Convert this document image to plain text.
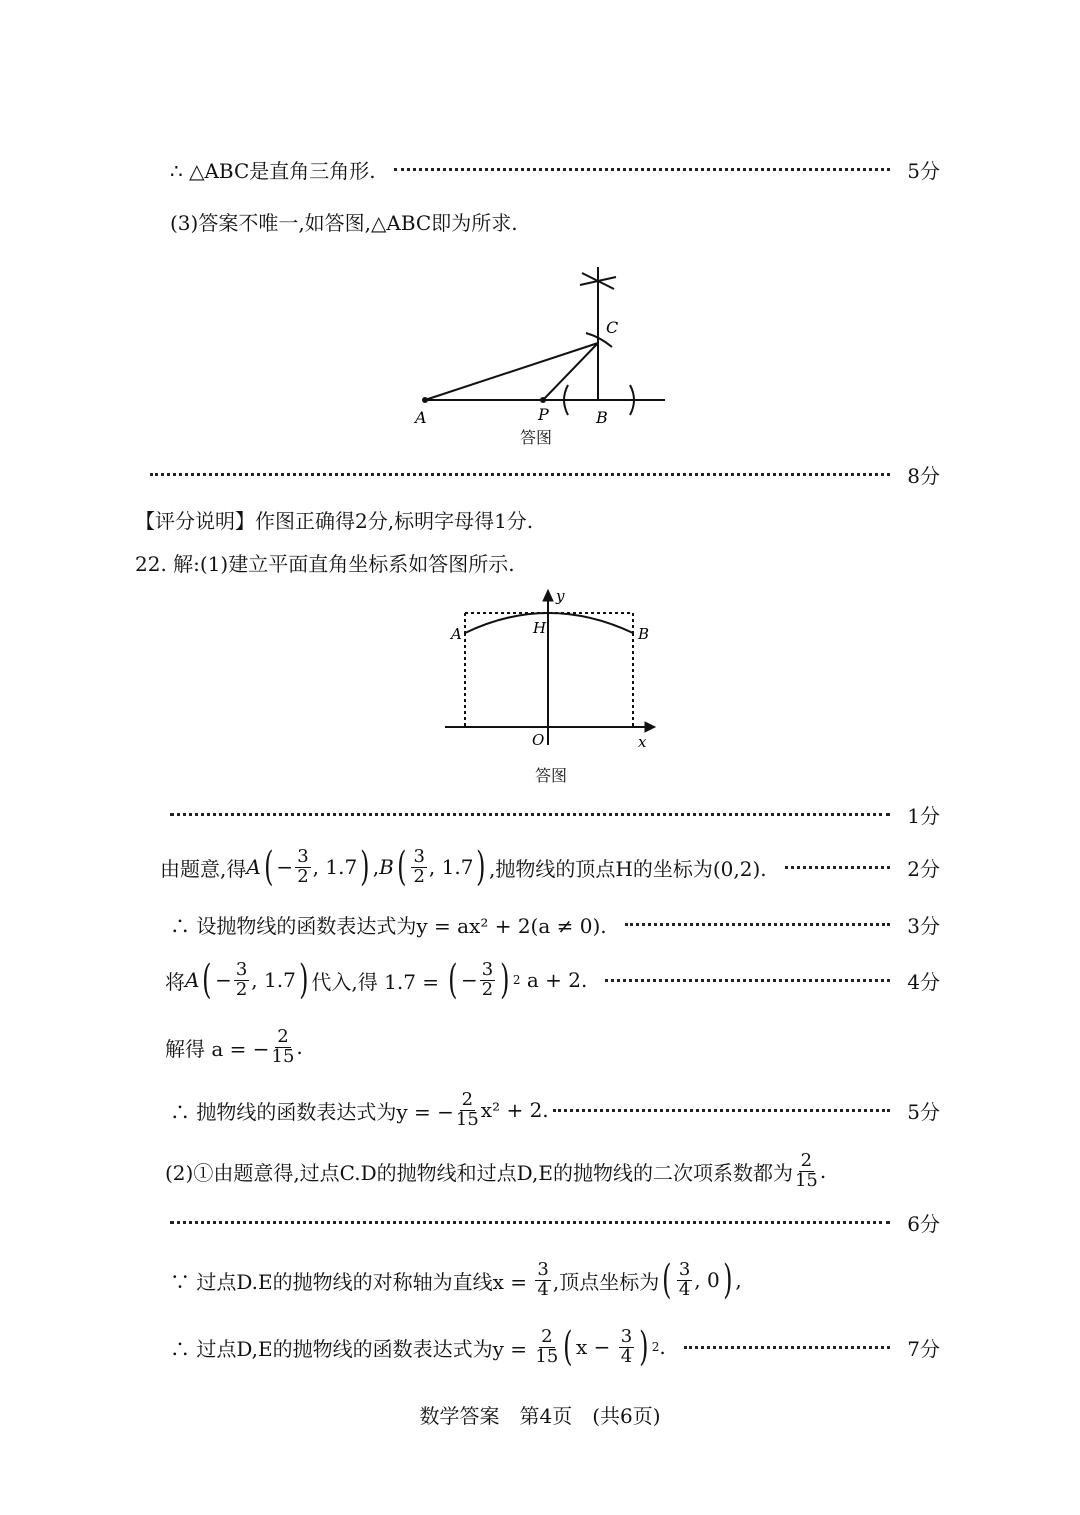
∴ △ABC是直角三角形.	5分
(3)答案不唯一,如答图,△ABC即为所求.
A	P	B
C
答图
8分
【评分说明】作图正确得2分,标明字母得1分.
22. 解:(1)建立平面直角坐标系如答图所示.
y
H
A	B
O	x
答图
1分
由题意,得 A ( − $\frac{3}{2}$ , 1.7 ) , B ( $\frac{3}{2}$ , 1.7 ) ,抛物线的顶点H的坐标为(0,2).	2分
∴ 设抛物线的函数表达式为y = ax² + 2(a ≠ 0).	3分
将 A ( − $\frac{3}{2}$ , 1.7 ) 代入,得 1.7 =
( − $\frac{3}{2}$ ) 2
a + 2.	4分
解得 a = − $\frac{2}{15}$ .
∴ 抛物线的函数表达式为y = − $\frac{2}{15} x^2 + 2$.	5分
(2)①由题意得,过点C.D的抛物线和过点D,E的抛物线的二次项系数都为 $\frac{2}{15}$ .
6分
∵ 过点D.E的抛物线的对称轴为直线x =
$\frac{3}{4}$ ,顶点坐标为 ( $\frac{3}{4}$ , 0 ) ,
∴ 过点D,E的抛物线的函数表达式为y =
$\frac{2}{15}$ ( x −
$\frac{3}{4}$ ) 2 .	7分
数学答案　第4页　(共6页)
